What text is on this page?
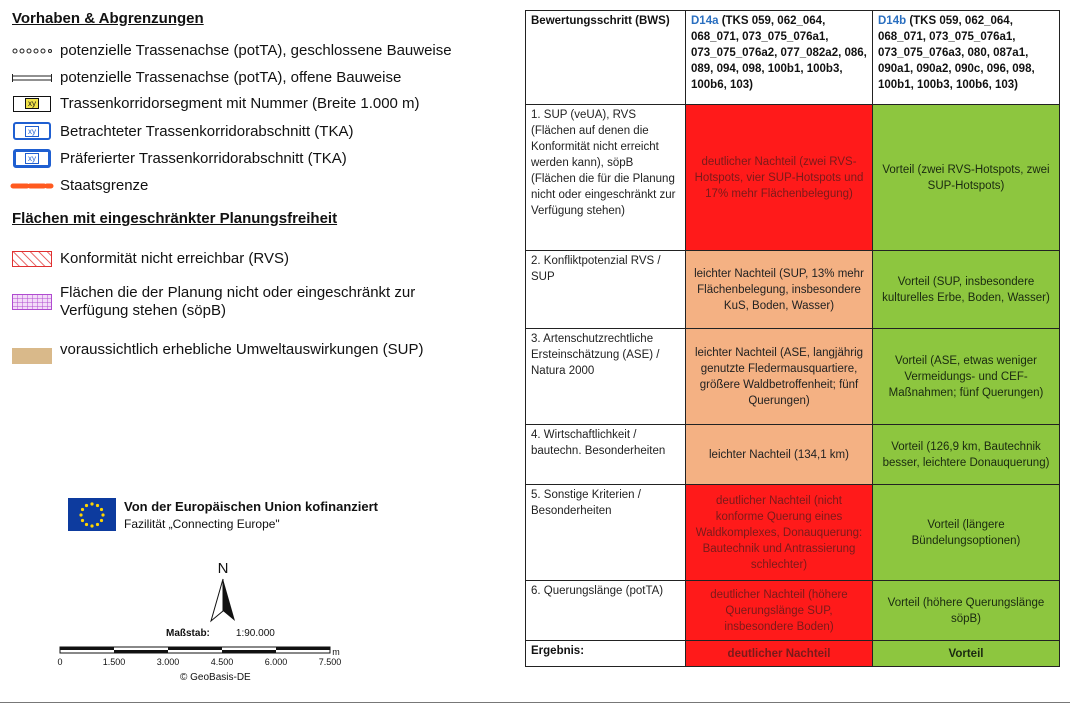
Vorhaben & Abgrenzungen
potenzielle Trassenachse (potTA), geschlossene Bauweise
potenzielle Trassenachse (potTA), offene Bauweise
xy Trassenkorridorsegment mit Nummer (Breite 1.000 m)
xy Betrachteter Trassenkorridorabschnitt (TKA)
xy Präferierter Trassenkorridorabschnitt (TKA)
Staatsgrenze
Flächen mit eingeschränkter Planungsfreiheit
Konformität nicht erreichbar (RVS)
Flächen die der Planung nicht oder eingeschränkt zur
Verfügung stehen (söpB)
voraussichtlich erhebliche Umweltauswirkungen (SUP)
Von der Europäischen Union kofinanziert
Fazilität „Connecting Europe"
N
Maßstab:	1:90.000
0	1.500	3.000	4.500	6.000	7.500
m
© GeoBasis-DE
Bewertungsschritt (BWS)	D14a (TKS 059, 062_064, 068_071, 073_075_076a1, 073_075_076a2, 077_082a2, 086, 089, 094, 098, 100b1, 100b3, 100b6, 103)	D14b (TKS 059, 062_064, 068_071, 073_075_076a1, 073_075_076a3, 080, 087a1, 090a1, 090a2, 090c, 096, 098, 100b1, 100b3, 100b6, 103)
1. SUP (veUA), RVS (Flächen auf denen die Konformität nicht erreicht werden kann), söpB (Flächen die für die Planung nicht oder eingeschränkt zur Verfügung stehen)	deutlicher Nachteil (zwei RVS-Hotspots, vier SUP-Hotspots und 17% mehr Flächenbelegung)	Vorteil (zwei RVS-Hotspots, zwei SUP-Hotspots)
2. Konfliktpotenzial RVS / SUP	leichter Nachteil (SUP, 13% mehr Flächenbelegung, insbesondere KuS, Boden, Wasser)	Vorteil (SUP, insbesondere kulturelles Erbe, Boden, Wasser)
3. Artenschutzrechtliche Ersteinschätzung (ASE) / Natura 2000	leichter Nachteil (ASE, langjährig genutzte Fledermausquartiere, größere Waldbetroffenheit; fünf Querungen)	Vorteil (ASE, etwas weniger Vermeidungs- und CEF-Maßnahmen; fünf Querungen)
4. Wirtschaftlichkeit / bautechn. Besonderheiten	leichter Nachteil (134,1 km)	Vorteil (126,9 km, Bautechnik besser, leichtere Donauquerung)
5. Sonstige Kriterien / Besonderheiten	deutlicher Nachteil (nicht konforme Querung eines Waldkomplexes, Donauquerung: Bautechnik und Antrassierung schlechter)	Vorteil (längere Bündelungsoptionen)
6. Querungslänge (potTA)	deutlicher Nachteil (höhere Querungslänge SUP, insbesondere Boden)	Vorteil (höhere Querungslänge söpB)
Ergebnis:	deutlicher Nachteil	Vorteil
